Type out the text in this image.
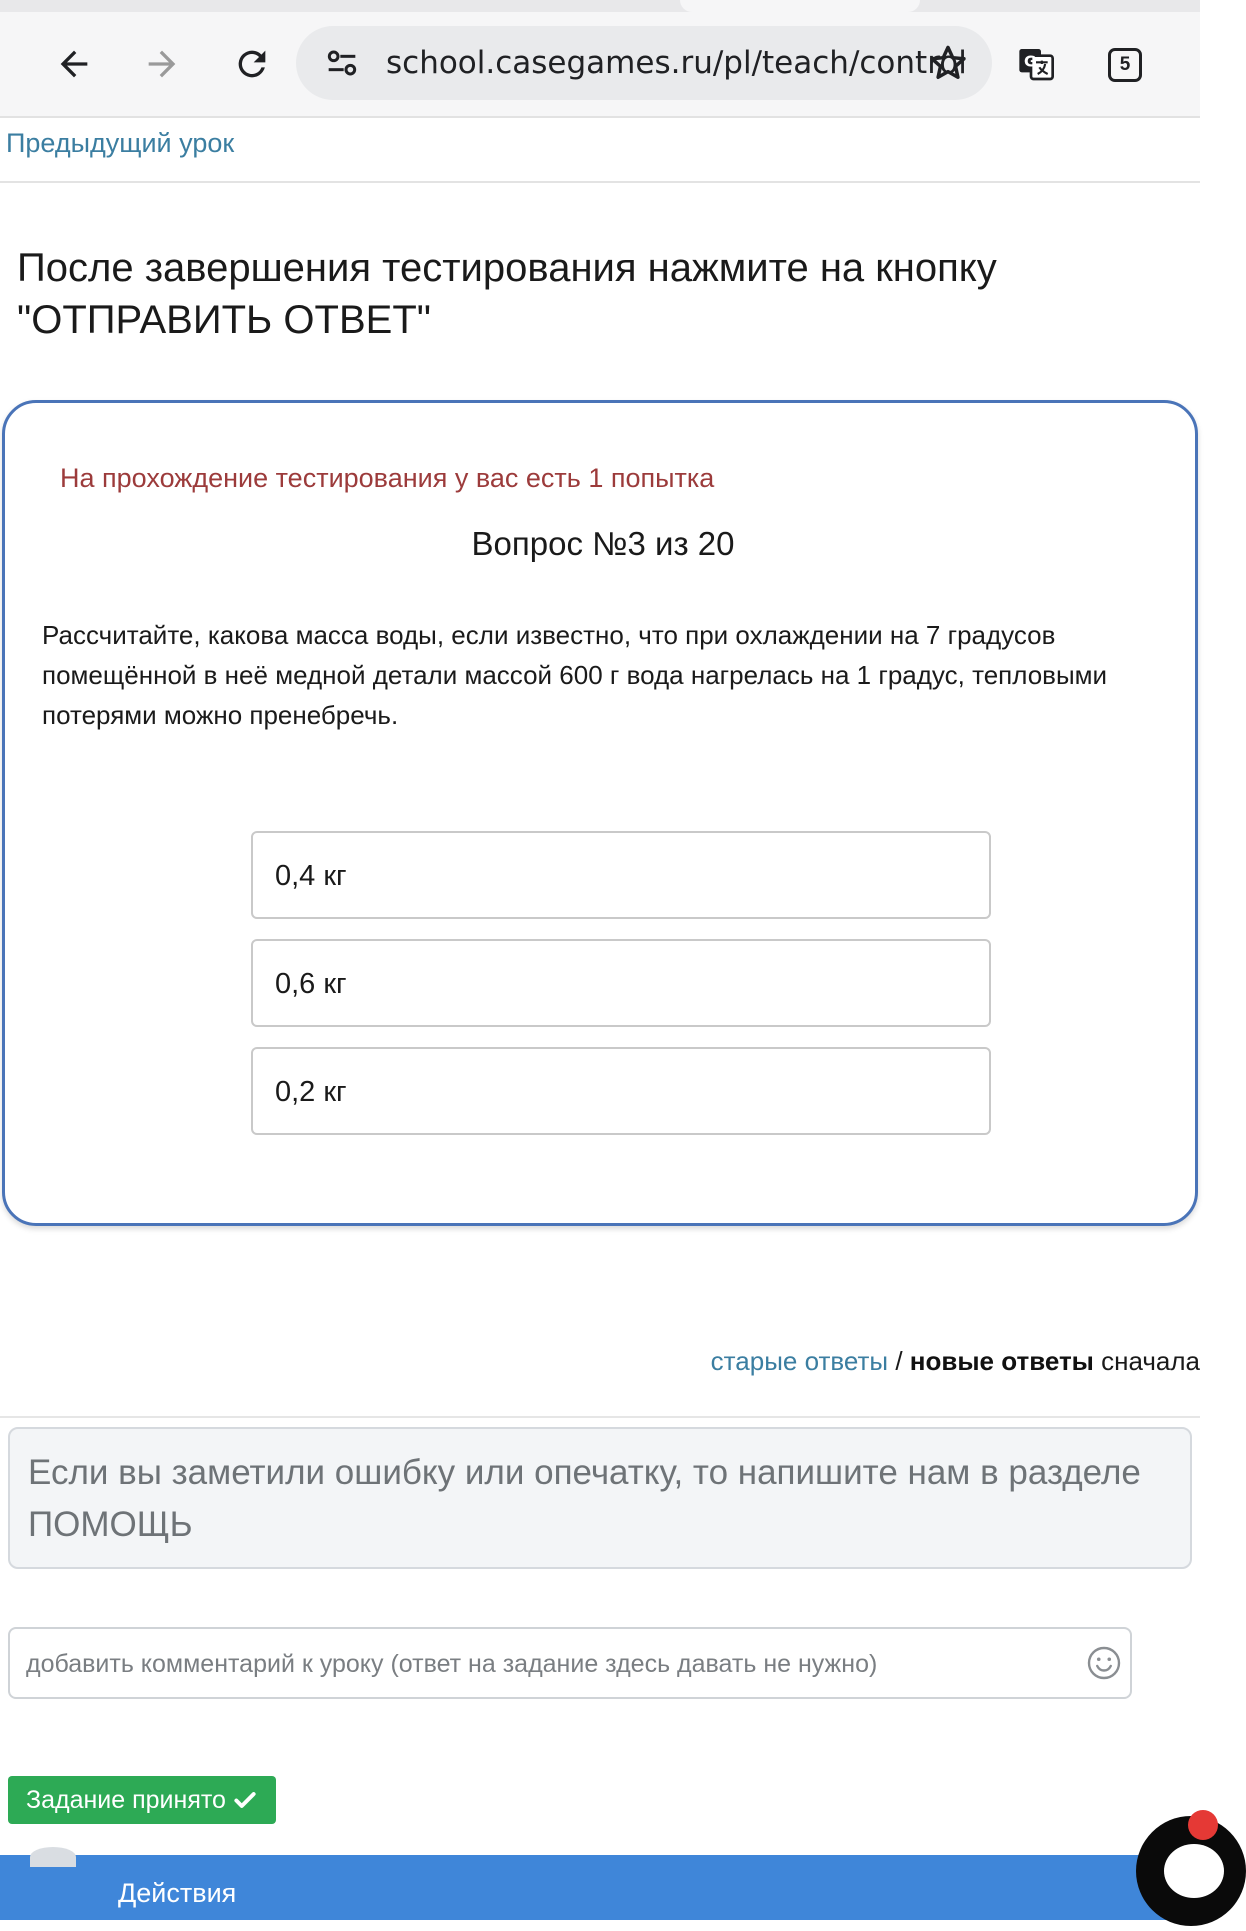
school.casegames.ru/pl/teach/control	G	5
Предыдущий урок
После завершения тестирования нажмите на кнопку "ОТПРАВИТЬ ОТВЕТ"
На прохождение тестирования у вас есть 1 попытка
Вопрос №3 из 20
Рассчитайте, какова масса воды, если известно, что при охлаждении на 7 градусов помещённой в неё медной детали массой 600 г вода нагрелась на 1 градус, тепловыми потерями можно пренебречь.
0,4 кг
0,6 кг
0,2 кг
старые ответы / новые ответы сначала
Если вы заметили ошибку или опечатку, то напишите нам в разделе ПОМОЩЬ
добавить комментарий к уроку (ответ на задание здесь давать не нужно)
Задание принято
Действия
